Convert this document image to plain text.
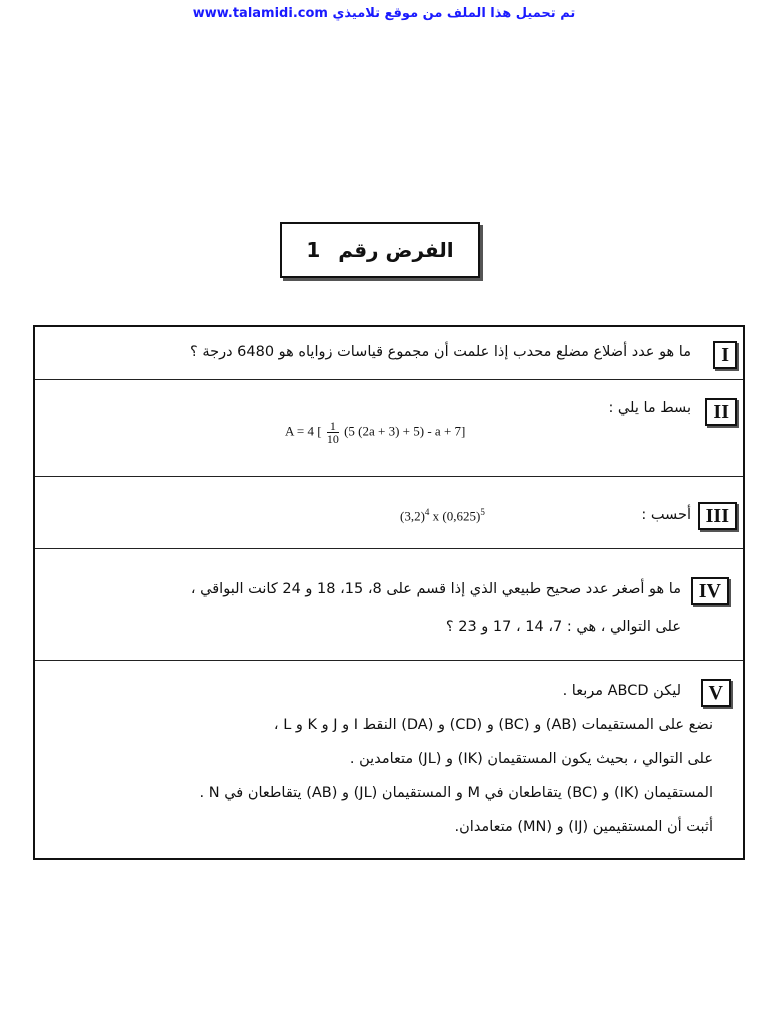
تم تحميل هذا الملف من موقع تلاميذي www.talamidi.com
الفرض رقم
1
I
ما هو عدد أضلاع مضلع محدب إذا علمت أن مجموع قياسات زواياه هو 6480 درجة ؟
II
بسط ما يلي :
A = 4 [ $\frac{1}{10} (5$ (2a + 3) + 5) - a + 7]
III
أحسب :
$(3,2)^4$ x $(0,625)^5$
IV
ما هو أصغر عدد صحيح طبيعي الذي إذا قسم على 8، 15، 18 و 24 كانت البواقي ،
على التوالي ، هي : 7، 14 ، 17 و 23 ؟
V
ليكن ABCD مربعا .
نضع على المستقيمات (AB) و (BC) و (CD) و (DA) النقط I و J و K و L ،
على التوالي ، بحيث يكون المستقيمان (IK) و (JL) متعامدين .
المستقيمان (IK) و (BC) يتقاطعان في M و المستقيمان (JL) و (AB) يتقاطعان في N .
أثبت أن المستقيمين (IJ) و (MN) متعامدان.
